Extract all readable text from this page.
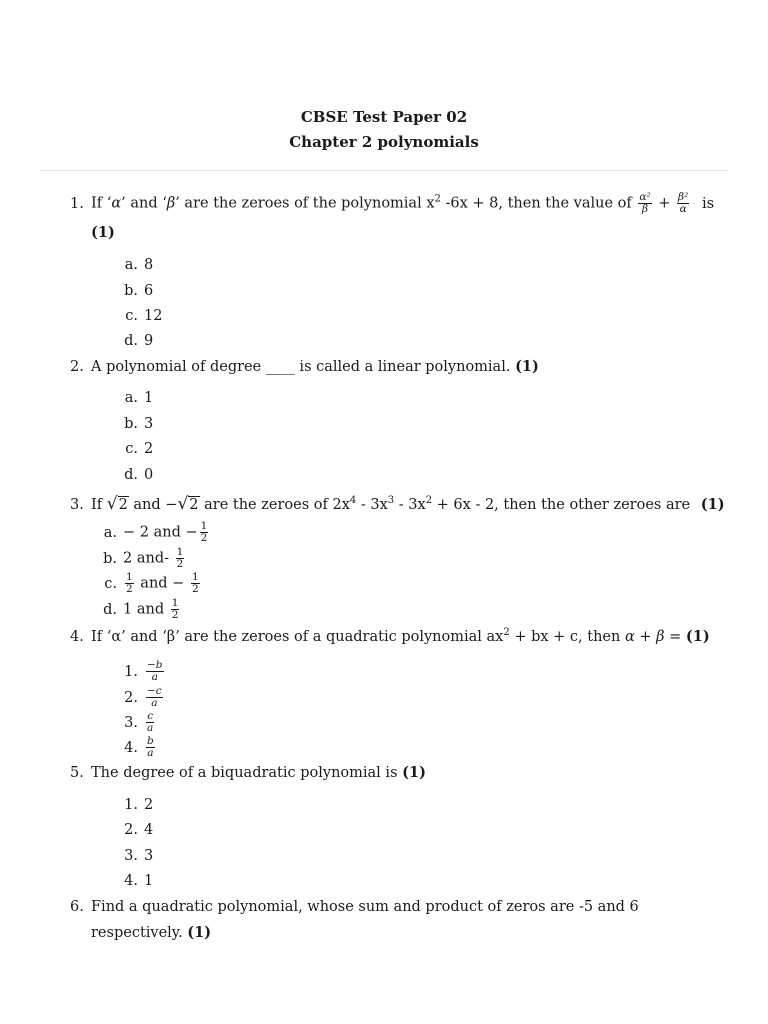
CBSE Test Paper 02
Chapter 2 polynomials
1. If ‘α’ and ‘β’ are the zeroes of the polynomial $x^2$ -6x + 8, then the value of $\frac{\text{α²}}{\beta} + \frac{\text{β²}}{\alpha}$ is
(1)
a. 8
b. 6
c. 12
d. 9
2. A polynomial of degree ____ is called a linear polynomial. (1)
a. 1
b. 3
c. 2
d. 0
3. If √2 and −√2 are the zeroes of $2x^4 - 3x^3 - 3x^2 + 6x - 2$, then the other zeroes are (1)
a. − 2 and − $\frac{1}{2}$
b. 2 $and- \frac{1}{2}$
c. $\frac{1}{2}$ and − $\frac{1}{2}$
d. 1 and $\frac{1}{2}$
4. If ‘α’ and ‘β’ are the zeroes of a quadratic polynomial $ax^2$ + bx + c, then α + β = (1)
1. $\frac{-b}{a}$
2. $\frac{-c}{a}$
3. $\frac{c}{a}$
4. $\frac{b}{a}$
5. The degree of a biquadratic polynomial is (1)
1. 2
2. 4
3. 3
4. 1
6. Find a quadratic polynomial, whose sum and product of zeros are -5 and 6
respectively. (1)
